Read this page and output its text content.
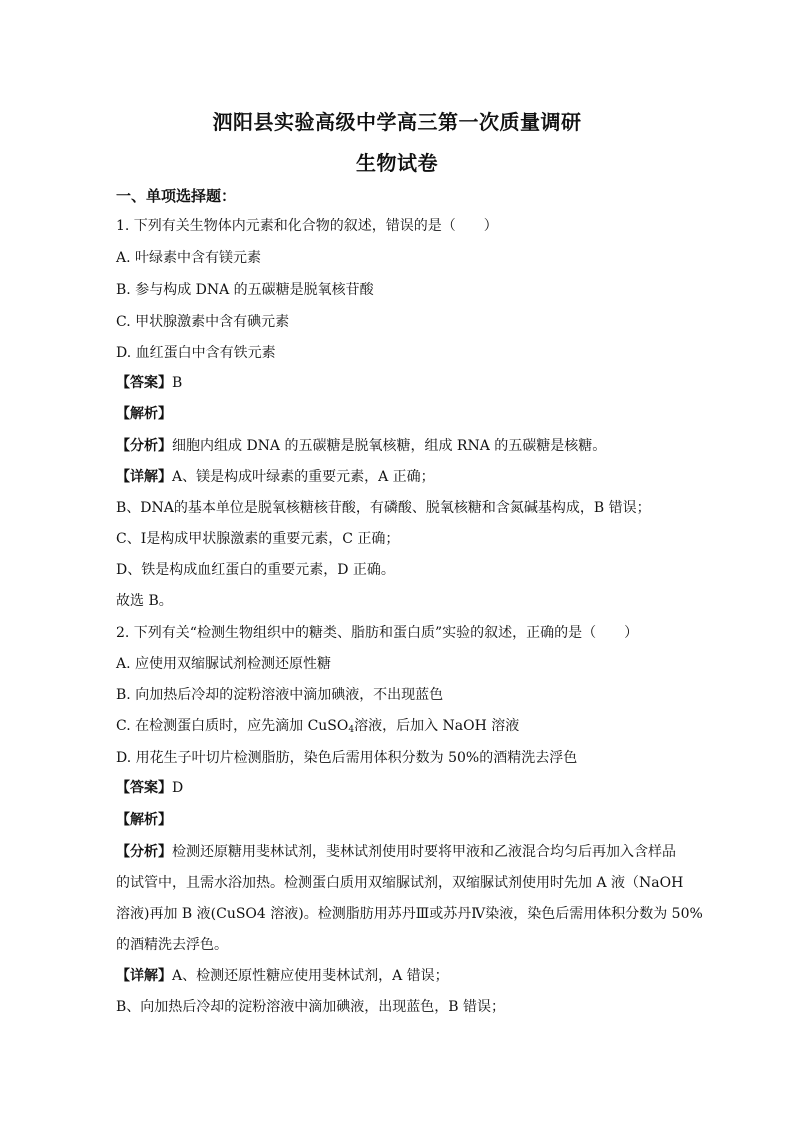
泗阳县实验高级中学高三第一次质量调研
生物试卷
一、单项选择题：
1. 下列有关生物体内元素和化合物的叙述，错误的是（　　）
A. 叶绿素中含有镁元素
B. 参与构成 DNA 的五碳糖是脱氧核苷酸
C. 甲状腺激素中含有碘元素
D. 血红蛋白中含有铁元素
【答案】B
【解析】
【分析】细胞内组成 DNA 的五碳糖是脱氧核糖，组成 RNA 的五碳糖是核糖。
【详解】A、镁是构成叶绿素的重要元素，A 正确；
B、DNA的基本单位是脱氧核糖核苷酸，有磷酸、脱氧核糖和含氮碱基构成，B 错误；
C、I是构成甲状腺激素的重要元素，C 正确；
D、铁是构成血红蛋白的重要元素，D 正确。
故选 B。
2. 下列有关“检测生物组织中的糖类、脂肪和蛋白质”实验的叙述，正确的是（　　）
A. 应使用双缩脲试剂检测还原性糖
B. 向加热后冷却的淀粉溶液中滴加碘液，不出现蓝色
C. 在检测蛋白质时，应先滴加 CuSO$_4$溶液，后加入 NaOH 溶液
D. 用花生子叶切片检测脂肪，染色后需用体积分数为 50%的酒精洗去浮色
【答案】D
【解析】
【分析】检测还原糖用斐林试剂，斐林试剂使用时要将甲液和乙液混合均匀后再加入含样品
的试管中，且需水浴加热。检测蛋白质用双缩脲试剂，双缩脲试剂使用时先加 A 液（NaOH
溶液)再加 B 液(CuSO4 溶液)。检测脂肪用苏丹Ⅲ或苏丹Ⅳ染液，染色后需用体积分数为 50%
的酒精洗去浮色。
【详解】A、检测还原性糖应使用斐林试剂，A 错误；
B、向加热后冷却的淀粉溶液中滴加碘液，出现蓝色，B 错误；
